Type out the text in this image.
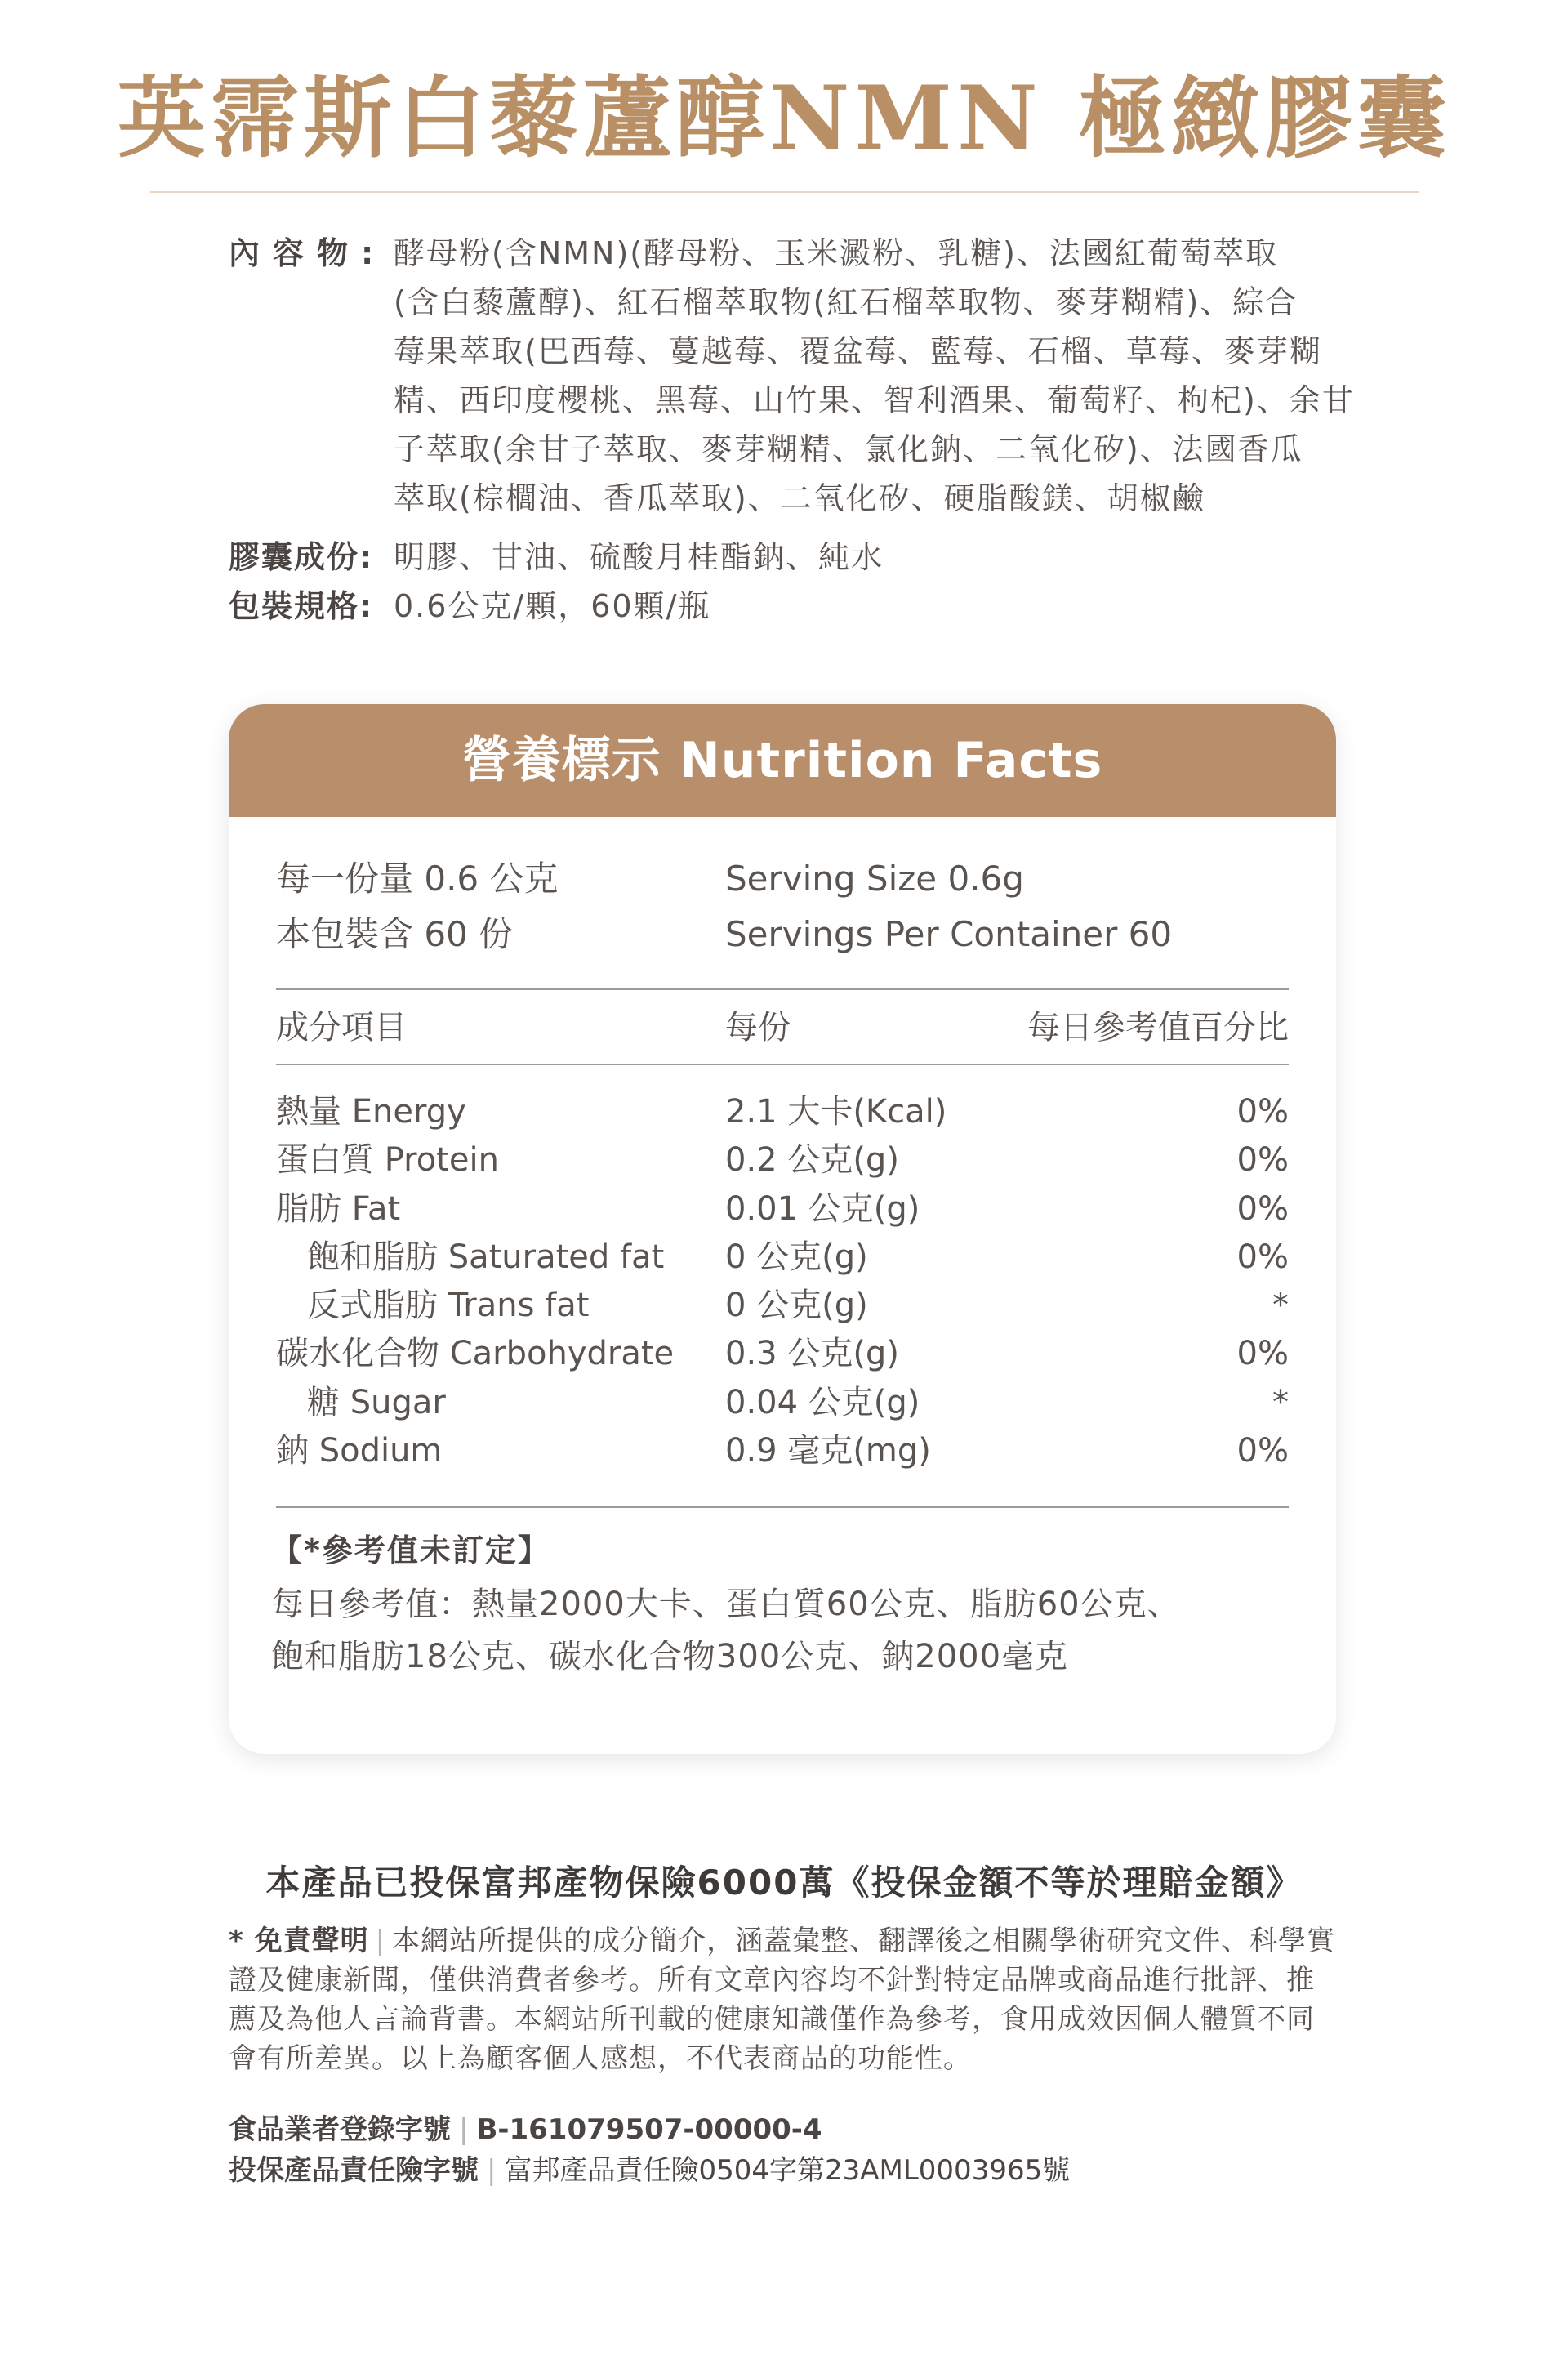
英霈斯白藜蘆醇NMN 極緻膠囊
內容物: 酵母粉(含NMN)(酵母粉、玉米澱粉、乳糖)、法國紅葡萄萃取
(含白藜蘆醇)、紅石榴萃取物(紅石榴萃取物、麥芽糊精)、綜合
莓果萃取(巴西莓、蔓越莓、覆盆莓、藍莓、石榴、草莓、麥芽糊
精、西印度櫻桃、黑莓、山竹果、智利酒果、葡萄籽、枸杞)、余甘
子萃取(余甘子萃取、麥芽糊精、氯化鈉、二氧化矽)、法國香瓜
萃取(棕櫚油、香瓜萃取)、二氧化矽、硬脂酸鎂、胡椒鹼
膠囊成份: 明膠、甘油、硫酸月桂酯鈉、純水
包裝規格: 0.6公克/顆，60顆/瓶
營養標示 Nutrition Facts
每一份量 0.6 公克	Serving Size 0.6g
本包裝含 60 份	Servings Per Container 60
成分項目	每份	每日參考值百分比
熱量 Energy	2.1 大卡(Kcal)	0%
蛋白質 Protein	0.2 公克(g)	0%
脂肪 Fat	0.01 公克(g)	0%
飽和脂肪 Saturated fat 0 公克(g)	0%
反式脂肪 Trans fat	0 公克(g)	*
碳水化合物 Carbohydrate 0.3 公克(g)	0%
糖 Sugar	0.04 公克(g)	*
鈉 Sodium	0.9 毫克(mg)	0%
【*參考值未訂定】
每日參考值：熱量2000大卡、蛋白質60公克、脂肪60公克、
飽和脂肪18公克、碳水化合物300公克、鈉2000毫克
本產品已投保富邦產物保險6000萬《投保金額不等於理賠金額》
* 免責聲明 | 本網站所提供的成分簡介，涵蓋彙整、翻譯後之相關學術研究文件、科學實
證及健康新聞，僅供消費者參考。所有文章內容均不針對特定品牌或商品進行批評、推
薦及為他人言論背書。本網站所刊載的健康知識僅作為參考，食用成效因個人體質不同
會有所差異。以上為顧客個人感想，不代表商品的功能性。
食品業者登錄字號 | B-161079507-00000-4
投保產品責任險字號 | 富邦產品責任險0504字第23AML0003965號
